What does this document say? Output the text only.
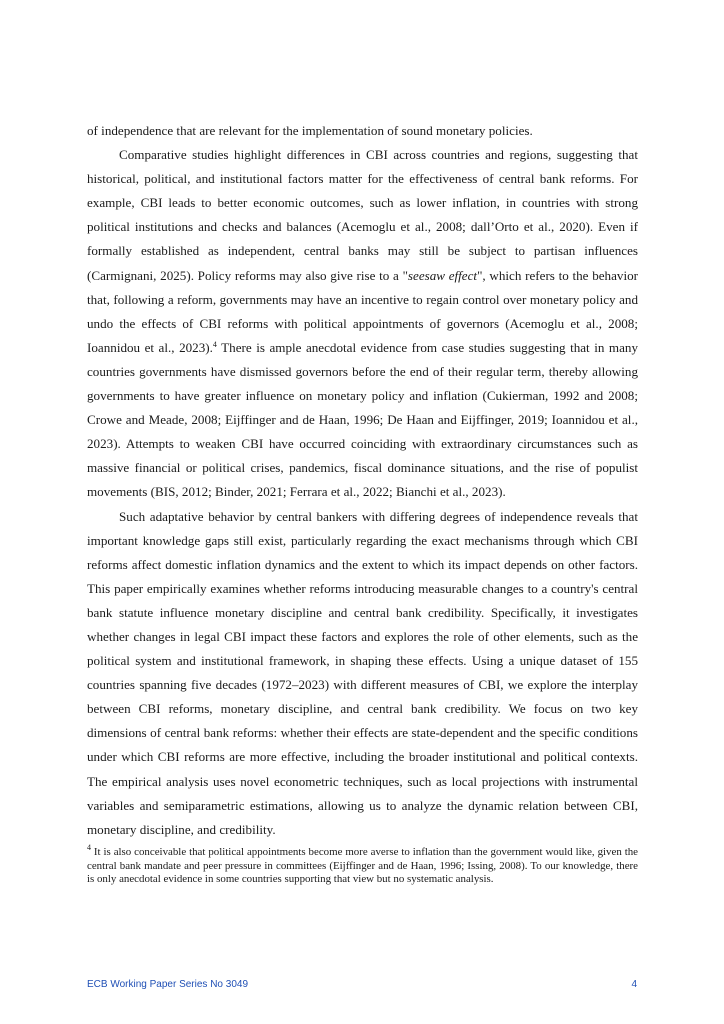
of independence that are relevant for the implementation of sound monetary policies.

Comparative studies highlight differences in CBI across countries and regions, suggesting that historical, political, and institutional factors matter for the effectiveness of central bank reforms. For example, CBI leads to better economic outcomes, such as lower inflation, in countries with strong political institutions and checks and balances (Acemoglu et al., 2008; dall’Orto et al., 2020). Even if formally established as independent, central banks may still be subject to partisan influences (Carmignani, 2025). Policy reforms may also give rise to a "seesaw effect", which refers to the behavior that, following a reform, governments may have an incentive to regain control over monetary policy and undo the effects of CBI reforms with political appointments of governors (Acemoglu et al., 2008; Ioannidou et al., 2023).$^4$ There is ample anecdotal evidence from case studies suggesting that in many countries governments have dismissed governors before the end of their regular term, thereby allowing governments to have greater influence on monetary policy and inflation (Cukierman, 1992 and 2008; Crowe and Meade, 2008; Eijffinger and de Haan, 1996; De Haan and Eijffinger, 2019; Ioannidou et al., 2023). Attempts to weaken CBI have occurred coinciding with extraordinary circumstances such as massive financial or political crises, pandemics, fiscal dominance situations, and the rise of populist movements (BIS, 2012; Binder, 2021; Ferrara et al., 2022; Bianchi et al., 2023).

Such adaptative behavior by central bankers with differing degrees of independence reveals that important knowledge gaps still exist, particularly regarding the exact mechanisms through which CBI reforms affect domestic inflation dynamics and the extent to which its impact depends on other factors. This paper empirically examines whether reforms introducing measurable changes to a country's central bank statute influence monetary discipline and central bank credibility. Specifically, it investigates whether changes in legal CBI impact these factors and explores the role of other elements, such as the political system and institutional framework, in shaping these effects. Using a unique dataset of 155 countries spanning five decades (1972–2023) with different measures of CBI, we explore the interplay between CBI reforms, monetary discipline, and central bank credibility. We focus on two key dimensions of central bank reforms: whether their effects are state-dependent and the specific conditions under which CBI reforms are more effective, including the broader institutional and political contexts. The empirical analysis uses novel econometric techniques, such as local projections with instrumental variables and semiparametric estimations, allowing us to analyze the dynamic relation between CBI, monetary discipline, and credibility.

$^4$ It is also conceivable that political appointments become more averse to inflation than the government would like, given the central bank mandate and peer pressure in committees (Eijffinger and de Haan, 1996; Issing, 2008). To our knowledge, there is only anecdotal evidence in some countries supporting that view but no systematic analysis.
ECB Working Paper Series No 3049	4
